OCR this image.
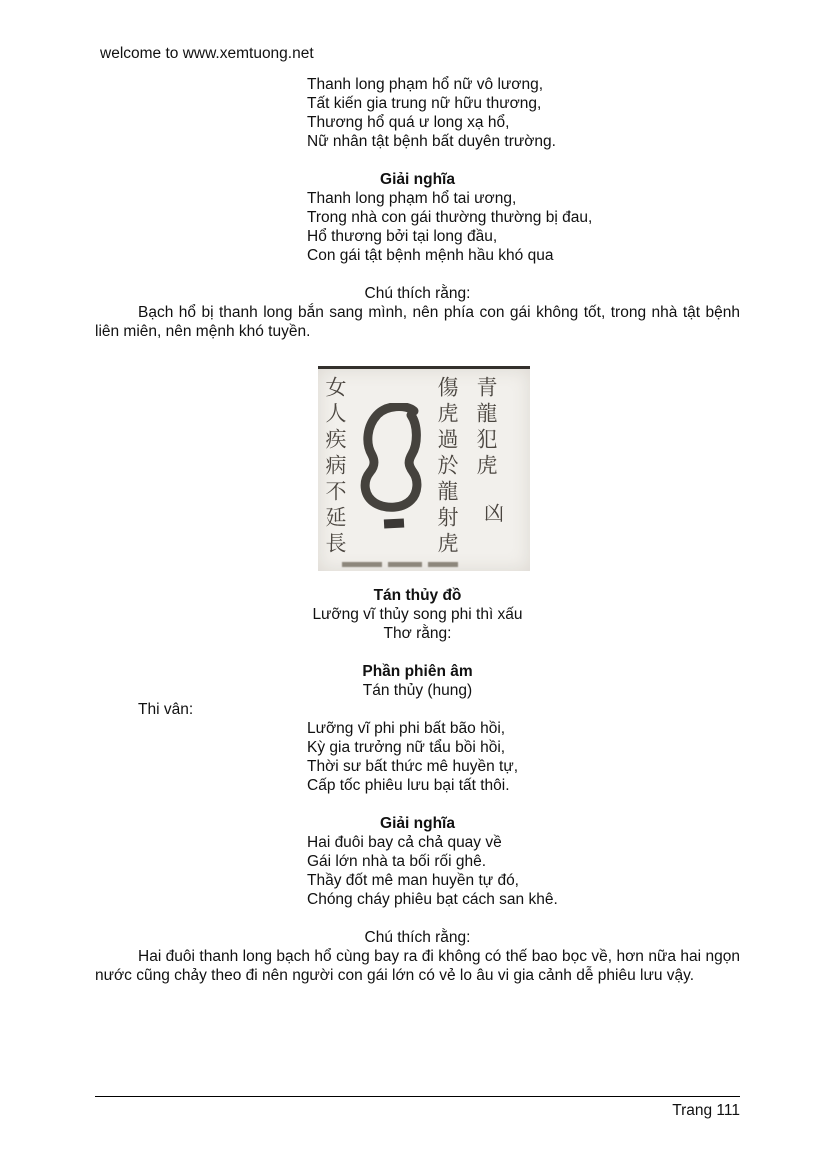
welcome to www.xemtuong.net
Thanh long phạm hổ nữ vô lương,
Tất kiến gia trung nữ hữu thương,
Thương hổ quá ư long xạ hổ,
Nữ nhân tật bệnh bất duyên trường.
Giải nghĩa
Thanh long phạm hổ tai ương,
Trong nhà con gái thường thường bị đau,
Hổ thương bởi tại long đầu,
Con gái tật bệnh mệnh hầu khó qua
Chú thích rằng:

Bạch hổ bị thanh long bắn sang mình, nên phía con gái không tốt, trong nhà tật bệnh liên miên, nên mệnh khó tuyền.

青龍犯虎
凶
傷虎過於龍射虎
女人疾病不延長
Tán thủy đồ
Lưỡng vĩ thủy song phi thì xấu
Thơ rằng:
Phần phiên âm
Tán thủy (hung)
Thi vân:
Lưỡng vĩ phi phi bất bão hồi,
Kỳ gia trưởng nữ tẩu bồi hồi,
Thời sư bất thức mê huyền tự,
Cấp tốc phiêu lưu bại tất thôi.
Giải nghĩa
Hai đuôi bay cả chả quay về
Gái lớn nhà ta bối rối ghê.
Thầy đốt mê man huyền tự đó,
Chóng cháy phiêu bạt cách san khê.
Chú thích rằng:

Hai đuôi thanh long bạch hổ cùng bay ra đi không có thế bao bọc về, hơn nữa hai ngọn nước cũng chảy theo đi nên người con gái lớn có vẻ lo âu vi gia cảnh dễ phiêu lưu vậy.

Trang 111
